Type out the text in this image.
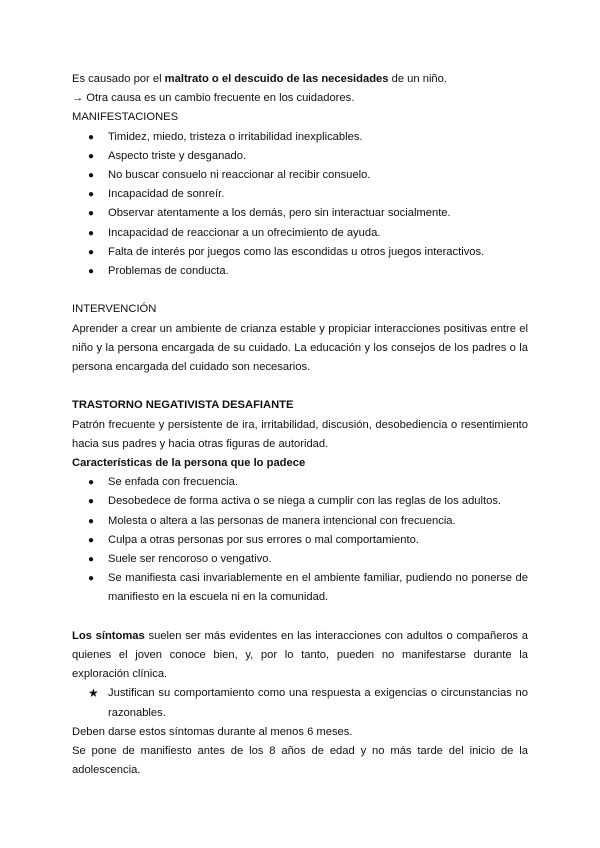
Es causado por el maltrato o el descuido de las necesidades de un niño.

→ Otra causa es un cambio frecuente en los cuidadores.

MANIFESTACIONES

● Timidez, miedo, tristeza o irritabilidad inexplicables.
● Aspecto triste y desganado.
● No buscar consuelo ni reaccionar al recibir consuelo.
● Incapacidad de sonreír.
● Observar atentamente a los demás, pero sin interactuar socialmente.
● Incapacidad de reaccionar a un ofrecimiento de ayuda.
● Falta de interés por juegos como las escondidas u otros juegos interactivos.
● Problemas de conducta.

INTERVENCIÓN

Aprender a crear un ambiente de crianza estable y propiciar interacciones positivas entre el niño y la persona encargada de su cuidado. La educación y los consejos de los padres o la persona encargada del cuidado son necesarios.

TRASTORNO NEGATIVISTA DESAFIANTE

Patrón frecuente y persistente de ira, irritabilidad, discusión, desobediencia o resentimiento hacia sus padres y hacia otras figuras de autoridad.

Características de la persona que lo padece

● Se enfada con frecuencia.
● Desobedece de forma activa o se niega a cumplir con las reglas de los adultos.
● Molesta o altera a las personas de manera intencional con frecuencia.
● Culpa a otras personas por sus errores o mal comportamiento.
● Suele ser rencoroso o vengativo.
● Se manifiesta casi invariablemente en el ambiente familiar, pudiendo no ponerse de manifiesto en la escuela ni en la comunidad.

Los síntomas suelen ser más evidentes en las interacciones con adultos o compañeros a quienes el joven conoce bien, y, por lo tanto, pueden no manifestarse durante la exploración clínica.

★ Justifican su comportamiento como una respuesta a exigencias o circunstancias no razonables.

Deben darse estos síntomas durante al menos 6 meses.

Se pone de manifiesto antes de los 8 años de edad y no más tarde del inicio de la adolescencia.
